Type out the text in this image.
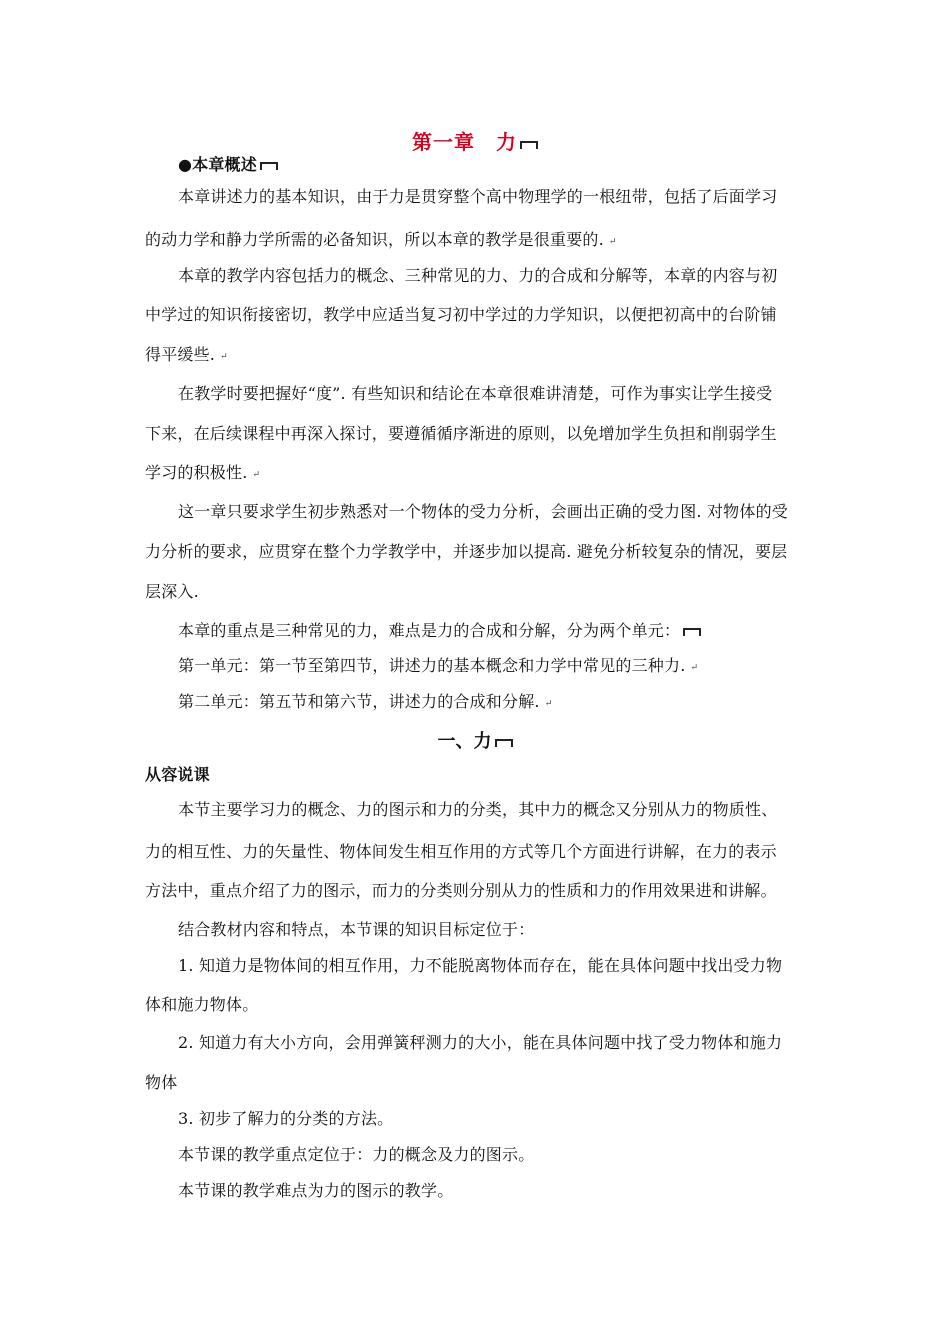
第一章　力
●本章概述
本章讲述力的基本知识，由于力是贯穿整个高中物理学的一根纽带，包括了后面学习
的动力学和静力学所需的必备知识，所以本章的教学是很重要的. ↵
本章的教学内容包括力的概念、三种常见的力、力的合成和分解等，本章的内容与初
中学过的知识衔接密切，教学中应适当复习初中学过的力学知识，以便把初高中的台阶铺
得平缓些. ↵
在教学时要把握好“度”. 有些知识和结论在本章很难讲清楚，可作为事实让学生接受
下来，在后续课程中再深入探讨，要遵循循序渐进的原则，以免增加学生负担和削弱学生
学习的积极性. ↵
这一章只要求学生初步熟悉对一个物体的受力分析，会画出正确的受力图. 对物体的受
力分析的要求，应贯穿在整个力学教学中，并逐步加以提高. 避免分析较复杂的情况，要层
层深入.
本章的重点是三种常见的力，难点是力的合成和分解，分为两个单元：
第一单元：第一节至第四节，讲述力的基本概念和力学中常见的三种力. ↵
第二单元：第五节和第六节，讲述力的合成和分解. ↵
一、力
从容说课
本节主要学习力的概念、力的图示和力的分类，其中力的概念又分别从力的物质性、
力的相互性、力的矢量性、物体间发生相互作用的方式等几个方面进行讲解，在力的表示
方法中，重点介绍了力的图示，而力的分类则分别从力的性质和力的作用效果进和讲解。
结合教材内容和特点，本节课的知识目标定位于：
1. 知道力是物体间的相互作用，力不能脱离物体而存在，能在具体问题中找出受力物
体和施力物体。
2. 知道力有大小方向，会用弹簧秤测力的大小，能在具体问题中找了受力物体和施力
物体
3. 初步了解力的分类的方法。
本节课的教学重点定位于：力的概念及力的图示。
本节课的教学难点为力的图示的教学。
